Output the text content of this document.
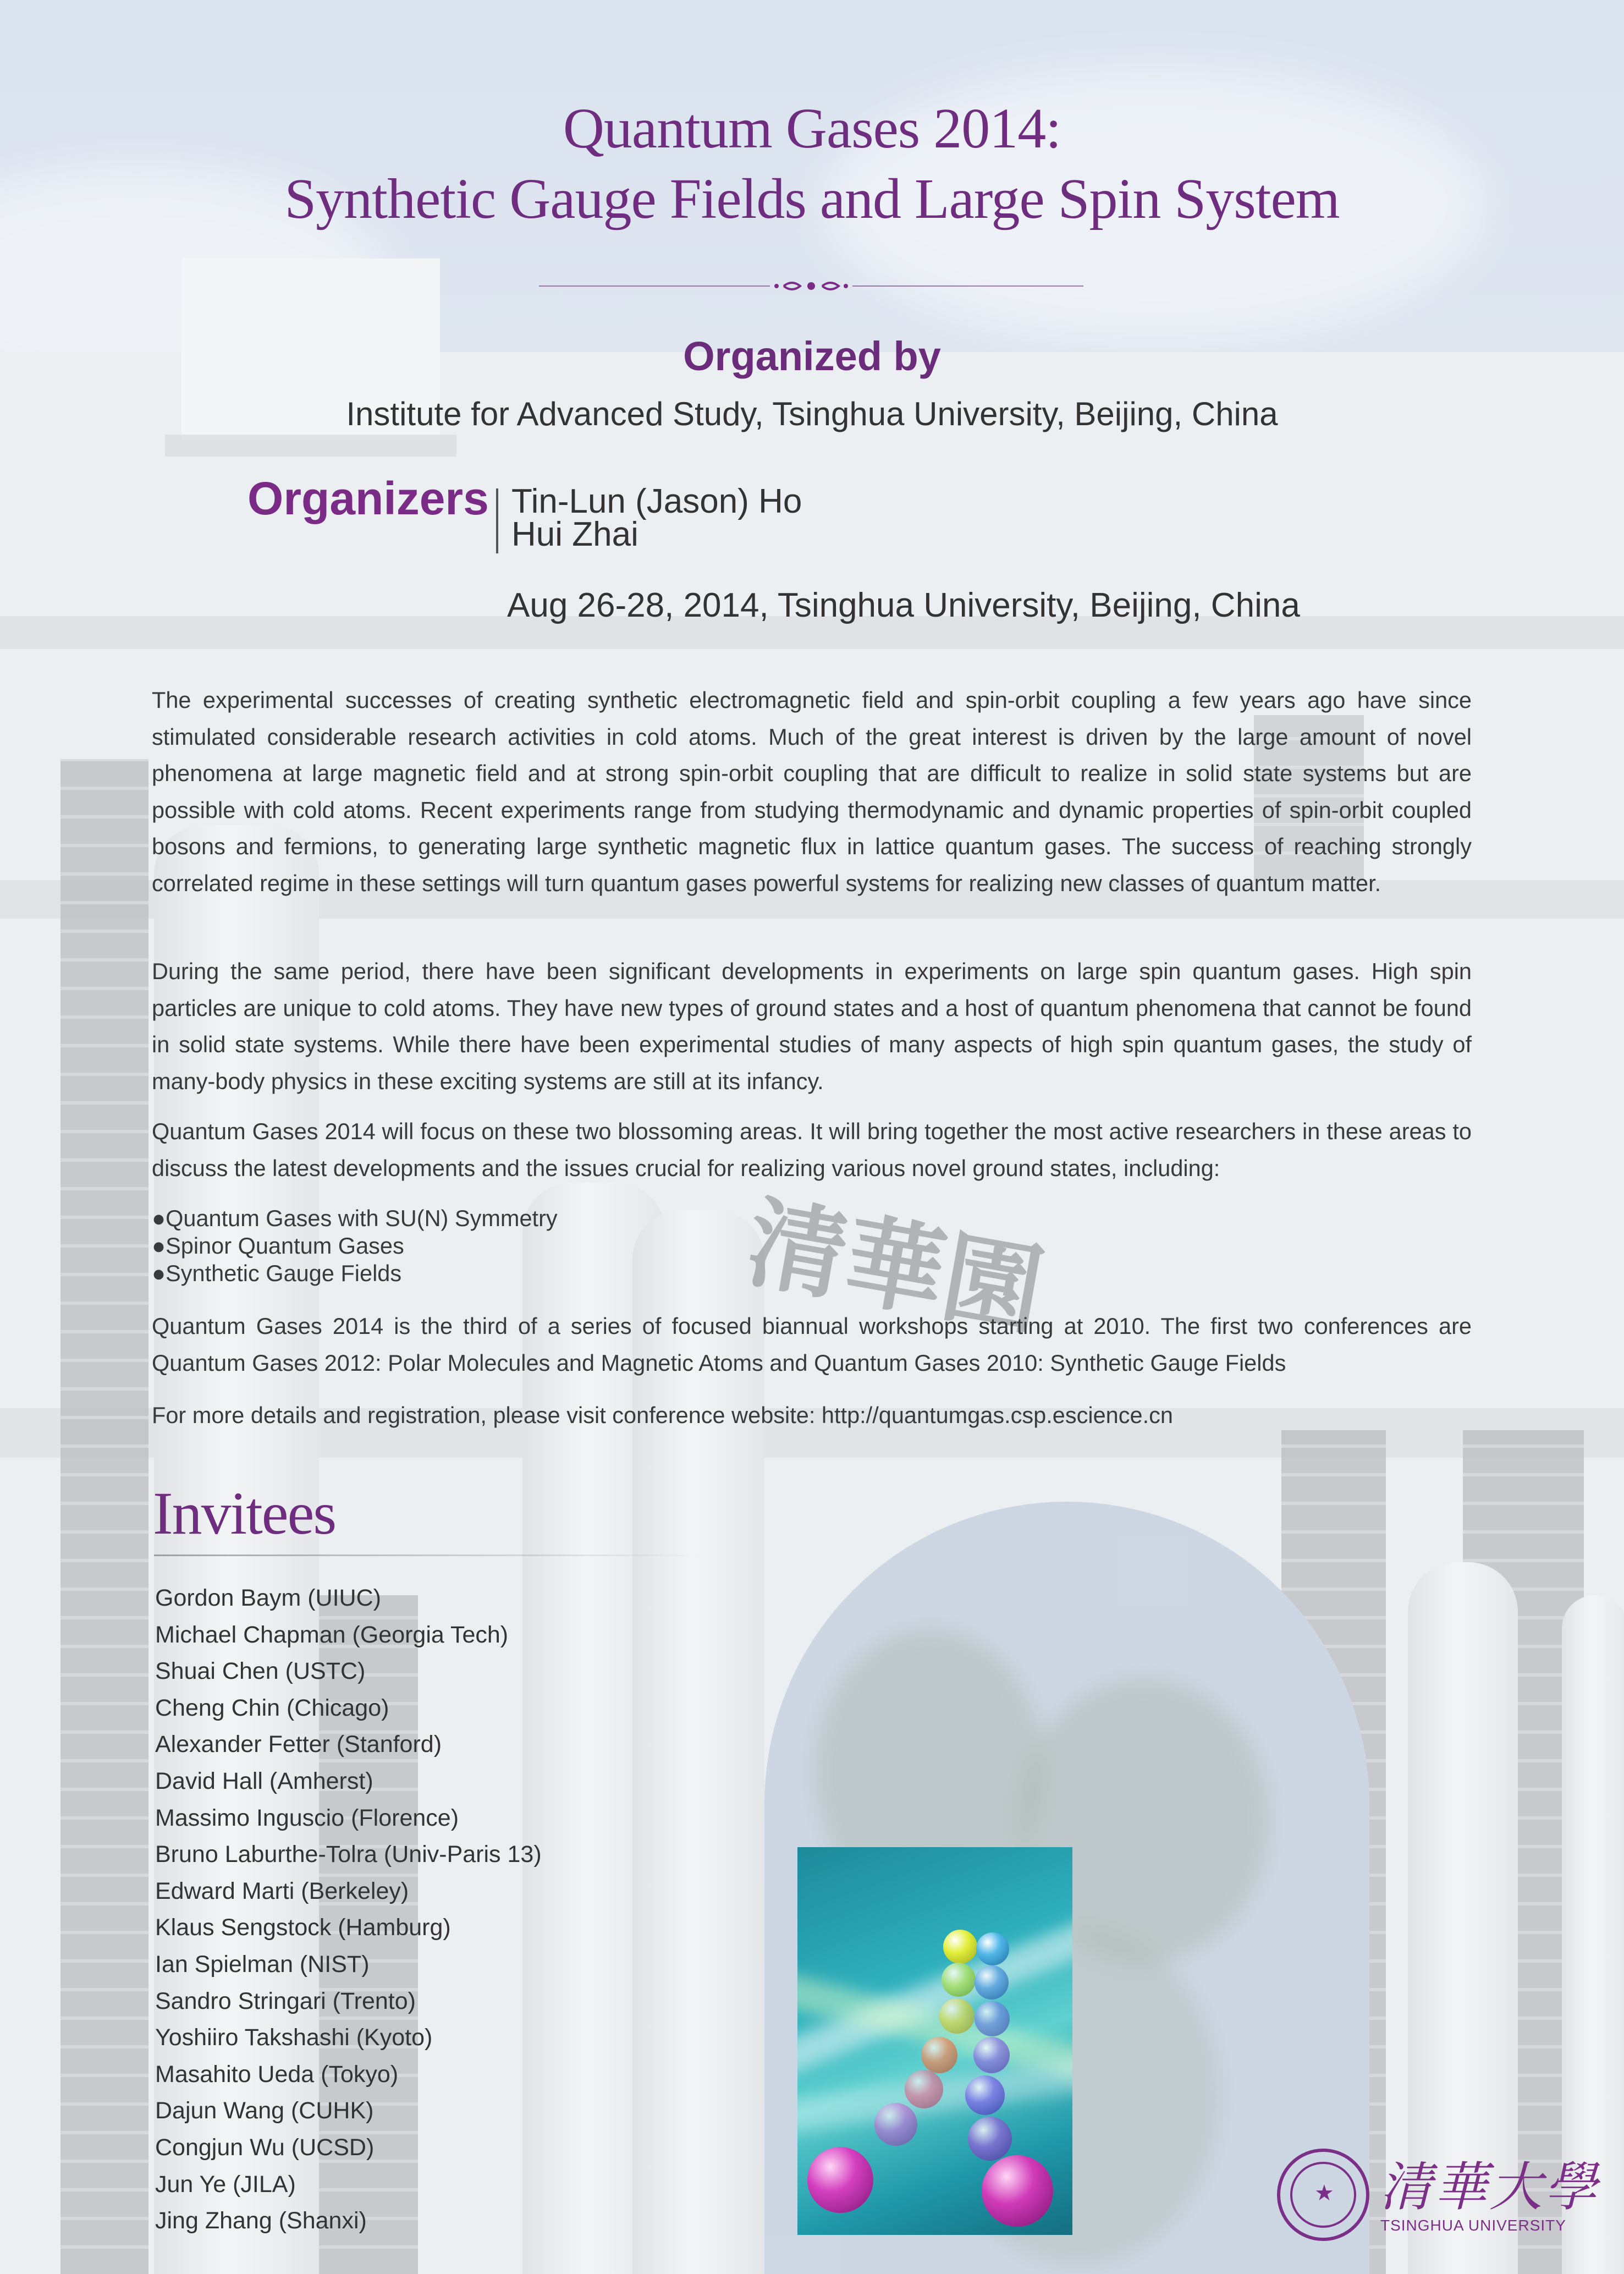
清華園
Quantum Gases 2014:
Synthetic Gauge Fields and Large Spin System
Organized by
Institute for Advanced Study, Tsinghua University, Beijing, China
Organizers Tin-Lun (Jason) Ho
Hui Zhai
Aug 26-28, 2014, Tsinghua University, Beijing, China

The experimental successes of creating synthetic electromagnetic field and spin-orbit coupling a few years ago have since stimulated considerable research activities in cold atoms. Much of the great interest is driven by the large amount of novel phenomena at large magnetic field and at strong spin-orbit coupling that are difficult to realize in solid state systems but are possible with cold atoms. Recent experiments range from studying thermodynamic and dynamic properties of spin-orbit coupled bosons and fermions, to generating large synthetic magnetic flux in lattice quantum gases. The success of reaching strongly correlated regime in these settings will turn quantum gases powerful systems for realizing new classes of quantum matter.

During the same period, there have been significant developments in experiments on large spin quantum gases. High spin particles are unique to cold atoms. They have new types of ground states and a host of quantum phenomena that cannot be found in solid state systems. While there have been experimental studies of many aspects of high spin quantum gases, the study of many-body physics in these exciting systems are still at its infancy.

Quantum Gases 2014 will focus on these two blossoming areas. It will bring together the most active researchers in these areas to discuss the latest developments and the issues crucial for realizing various novel ground states, including:

● Quantum Gases with SU(N) Symmetry
● Spinor Quantum Gases
● Synthetic Gauge Fields

Quantum Gases 2014 is the third of a series of focused biannual workshops starting at 2010. The first two conferences are Quantum Gases 2012: Polar Molecules and Magnetic Atoms and Quantum Gases 2010: Synthetic Gauge Fields

For more details and registration, please visit conference website: http://quantumgas.csp.escience.cn

Invitees
Gordon Baym (UIUC)
Michael Chapman (Georgia Tech)
Shuai Chen (USTC)
Cheng Chin (Chicago)
Alexander Fetter (Stanford)
David Hall (Amherst)
Massimo Inguscio (Florence)
Bruno Laburthe-Tolra (Univ-Paris 13)
Edward Marti (Berkeley)
Klaus Sengstock (Hamburg)
Ian Spielman (NIST)
Sandro Stringari (Trento)
Yoshiiro Takshashi (Kyoto)
Masahito Ueda (Tokyo)
Dajun Wang (CUHK)
Congjun Wu (UCSD)
Jun Ye (JILA)
Jing Zhang (Shanxi)
★ 清華大學
TSINGHUA UNIVERSITY
